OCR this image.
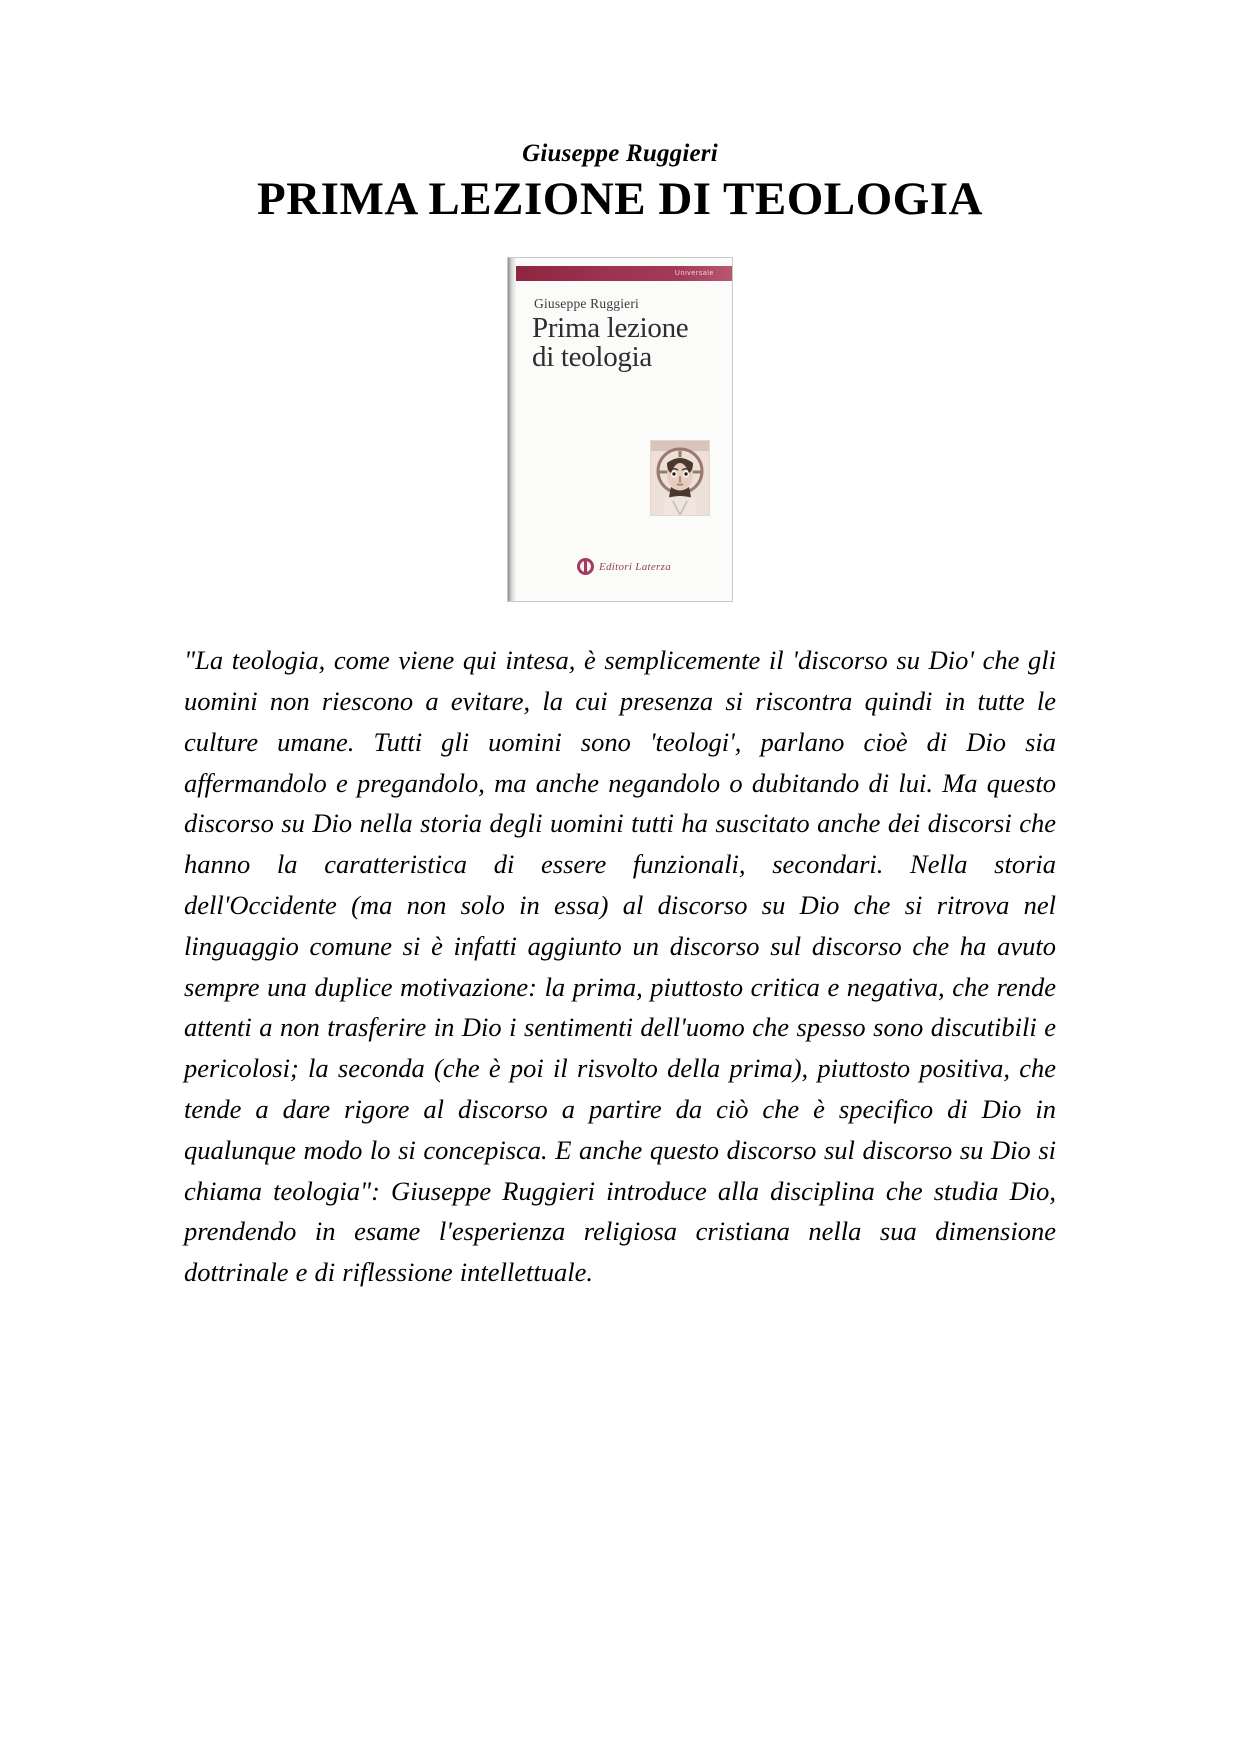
Giuseppe Ruggieri
PRIMA LEZIONE DI TEOLOGIA
Universale
Giuseppe Ruggieri
Prima lezione
di teologia
Editori Laterza

"La teologia, come viene qui intesa, è semplicemente il 'discorso su Dio' che gli uomini non riescono a evitare, la cui presenza si riscontra quindi in tutte le culture umane. Tutti gli uomini sono 'teologi', parlano cioè di Dio sia affermandolo e pregandolo, ma anche negandolo o dubitando di lui. Ma questo discorso su Dio nella storia degli uomini tutti ha suscitato anche dei discorsi che hanno la caratteristica di essere funzionali, secondari. Nella storia dell'Occidente (ma non solo in essa) al discorso su Dio che si ritrova nel linguaggio comune si è infatti aggiunto un discorso sul discorso che ha avuto sempre una duplice motivazione: la prima, piuttosto critica e negativa, che rende attenti a non trasferire in Dio i sentimenti dell'uomo che spesso sono discutibili e pericolosi; la seconda (che è poi il risvolto della prima), piuttosto positiva, che tende a dare rigore al discorso a partire da ciò che è specifico di Dio in qualunque modo lo si concepisca. E anche questo discorso sul discorso su Dio si chiama teologia": Giuseppe Ruggieri introduce alla disciplina che studia Dio, prendendo in esame l'esperienza religiosa cristiana nella sua dimensione dottrinale e di riflessione intellettuale.
